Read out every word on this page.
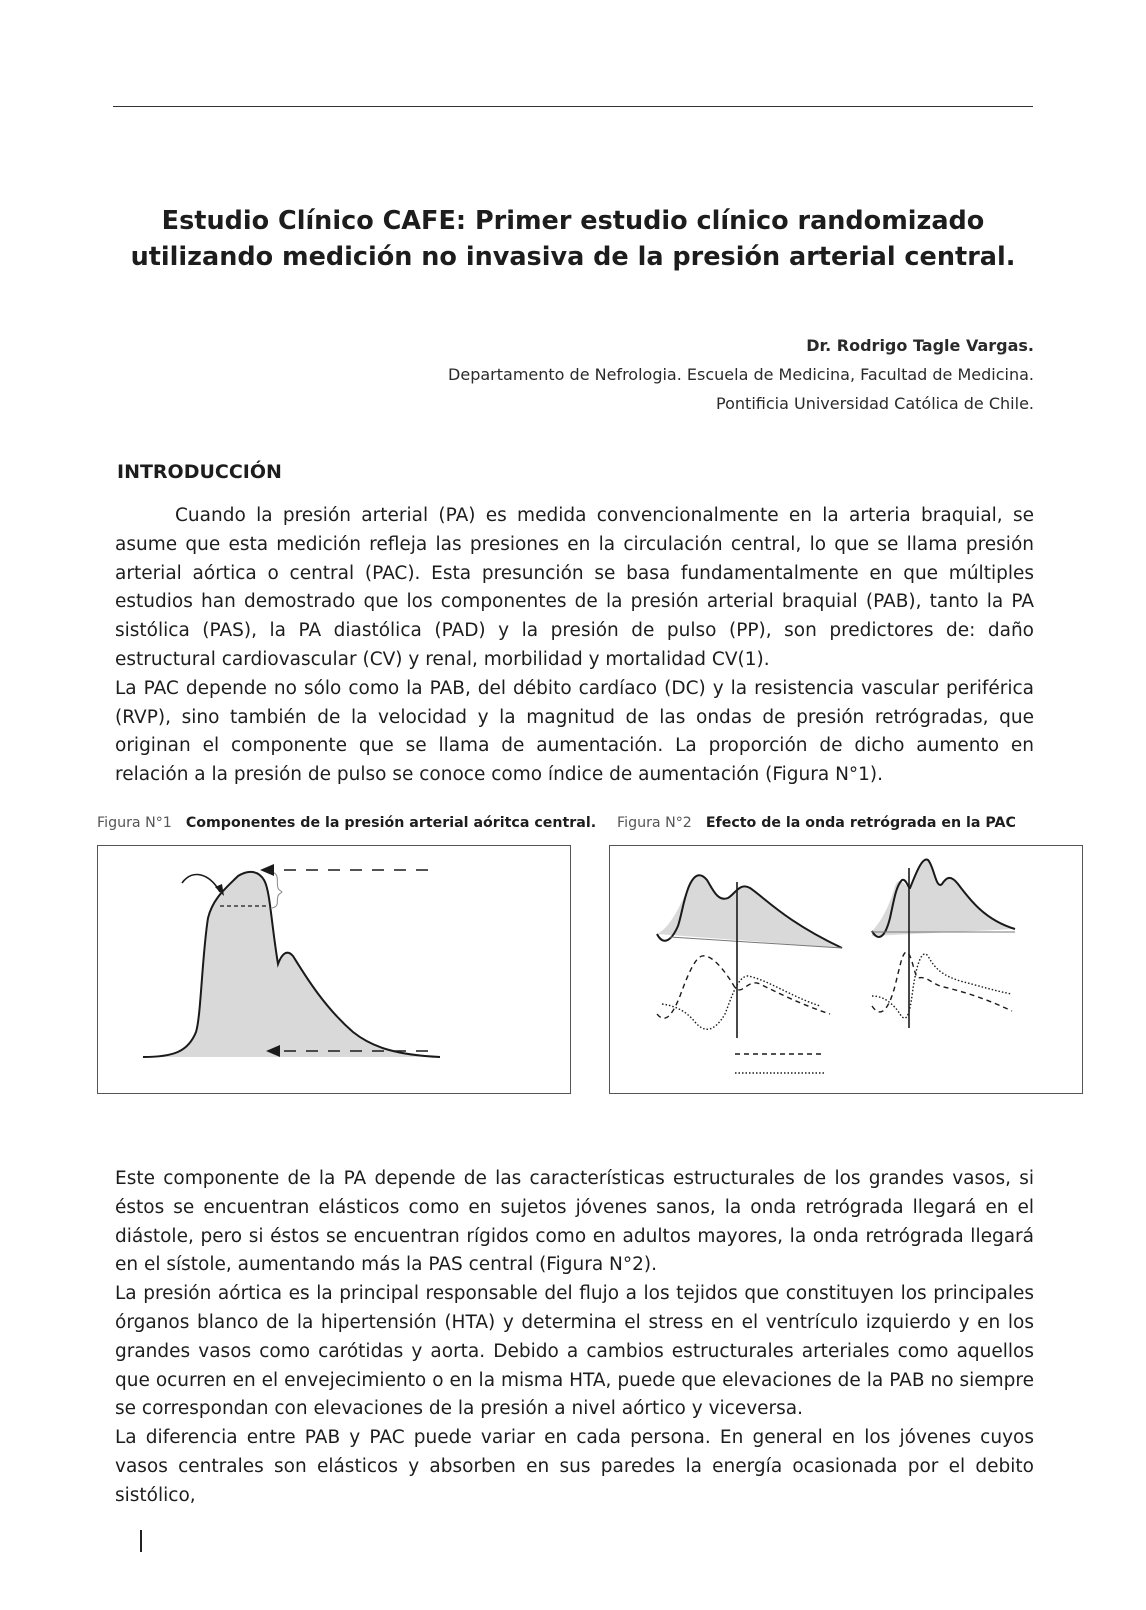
Estudio Clínico CAFE: Primer estudio clínico randomizado utilizando medición no invasiva de la presión arterial central.
Dr. Rodrigo Tagle Vargas.
Departamento de Nefrologia. Escuela de Medicina, Facultad de Medicina.
Pontificia Universidad Católica de Chile.
INTRODUCCIÓN

Cuando la presión arterial (PA) es medida convencionalmente en la arteria braquial, se asume que esta medición refleja las presiones en la circulación central, lo que se llama presión arterial aórtica o central (PAC). Esta presunción se basa fundamentalmente en que múltiples estudios han demostrado que los componentes de la presión arterial braquial (PAB), tanto la PA sistólica (PAS), la PA diastólica (PAD) y la presión de pulso (PP), son predictores de: daño estructural cardiovascular (CV) y renal, morbilidad y mortalidad CV(1).

La PAC depende no sólo como la PAB, del débito cardíaco (DC) y la resistencia vascular periférica (RVP), sino también de la velocidad y la magnitud de las ondas de presión retrógradas, que originan el componente que se llama de aumentación. La proporción de dicho aumento en relación a la presión de pulso se conoce como índice de aumentación (Figura N°1).

Figura N°1 Componentes de la presión arterial aóritca central. Figura N°2 Efecto de la onda retrógrada en la PAC

Este componente de la PA depende de las características estructurales de los grandes vasos, si éstos se encuentran elásticos como en sujetos jóvenes sanos, la onda retrógrada llegará en el diástole, pero si éstos se encuentran rígidos como en adultos mayores, la onda retrógrada llegará en el sístole, aumentando más la PAS central (Figura N°2).

La presión aórtica es la principal responsable del flujo a los tejidos que constituyen los principales órganos blanco de la hipertensión (HTA) y determina el stress en el ventrículo izquierdo y en los grandes vasos como carótidas y aorta. Debido a cambios estructurales arteriales como aquellos que ocurren en el envejecimiento o en la misma HTA, puede que elevaciones de la PAB no siempre se correspondan con elevaciones de la presión a nivel aórtico y viceversa.

La diferencia entre PAB y PAC puede variar en cada persona. En general en los jóvenes cuyos vasos centrales son elásticos y absorben en sus paredes la energía ocasionada por el debito sistólico,
